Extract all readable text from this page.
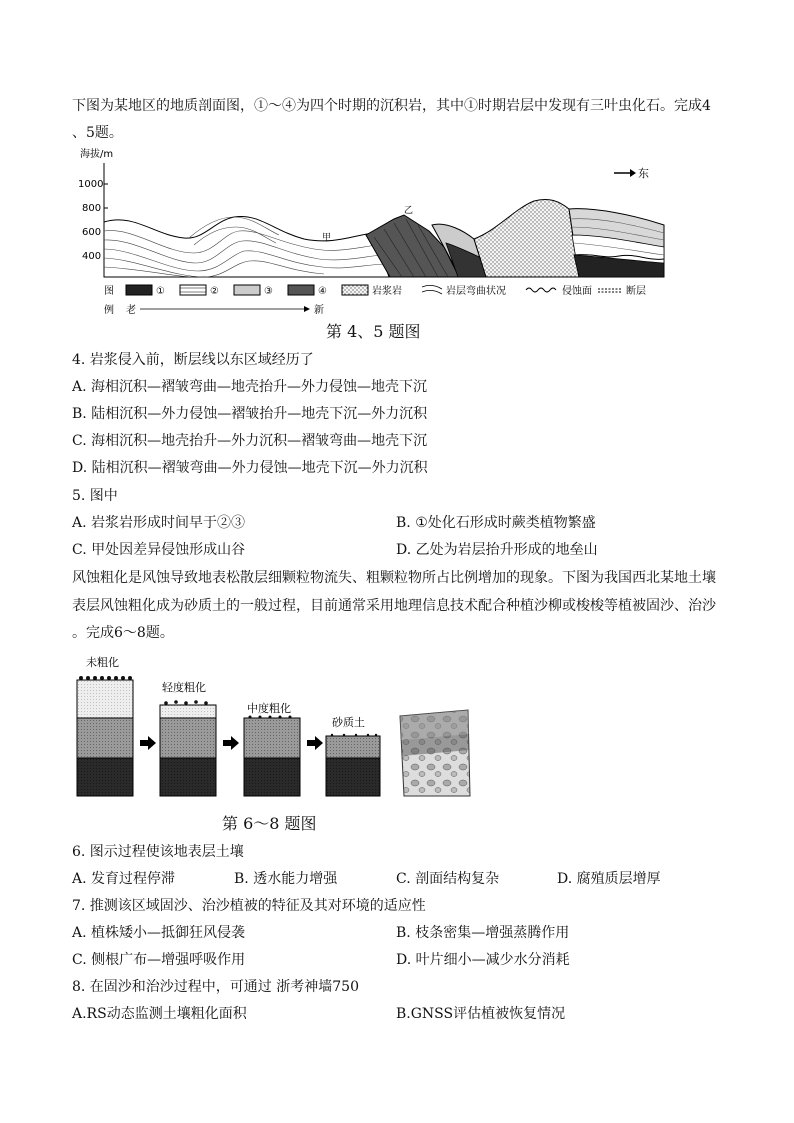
下图为某地区的地质剖面图，①～④为四个时期的沉积岩，其中①时期岩层中发现有三叶虫化石。完成4
、5题。
海拔/m
1000
800
600
400
东
乙
甲
图
例 老	新
①	②	③	④	岩浆岩	岩层弯曲状况	侵蚀面	断层
第 4、5 题图
4. 岩浆侵入前，断层线以东区域经历了
A. 海相沉积—褶皱弯曲—地壳抬升—外力侵蚀—地壳下沉
B. 陆相沉积—外力侵蚀—褶皱抬升—地壳下沉—外力沉积
C. 海相沉积—地壳抬升—外力沉积—褶皱弯曲—地壳下沉
D. 陆相沉积—褶皱弯曲—外力侵蚀—地壳下沉—外力沉积
5. 图中
A. 岩浆岩形成时间早于②③	B. ①处化石形成时蕨类植物繁盛
C. 甲处因差异侵蚀形成山谷	D. 乙处为岩层抬升形成的地垒山
风蚀粗化是风蚀导致地表松散层细颗粒物流失、粗颗粒物所占比例增加的现象。下图为我国西北某地土壤
表层风蚀粗化成为砂质土的一般过程，目前通常采用地理信息技术配合种植沙柳或梭梭等植被固沙、治沙
。完成6～8题。
未粗化
轻度粗化
中度粗化
砂质土
第 6～8 题图
6. 图示过程使该地表层土壤
A. 发育过程停滞	B. 透水能力增强	C. 剖面结构复杂	D. 腐殖质层增厚
7. 推测该区域固沙、治沙植被的特征及其对环境的适应性
A. 植株矮小—抵御狂风侵袭	B. 枝条密集—增强蒸腾作用
C. 侧根广布—增强呼吸作用	D. 叶片细小—减少水分消耗
8. 在固沙和治沙过程中，可通过 浙考神墙750
A.RS动态监测土壤粗化面积	B.GNSS评估植被恢复情况
